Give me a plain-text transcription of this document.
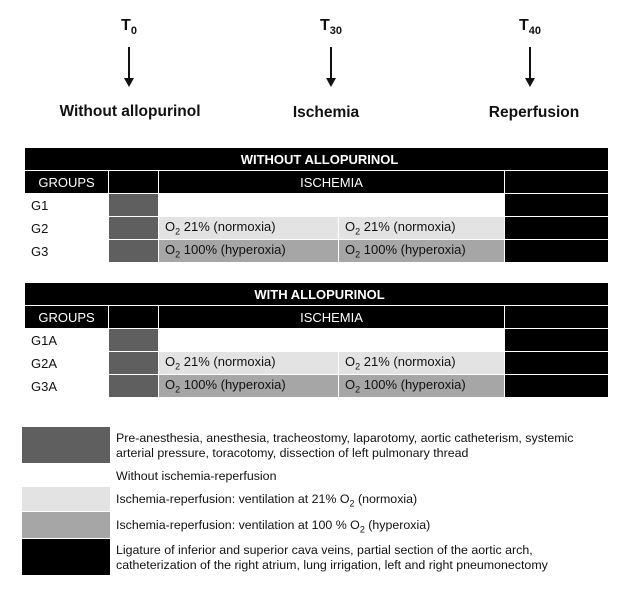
$T_0$	$T_{30}$	$T_{40}$
Without allopurinol	Ischemia	Reperfusion
WITHOUT ALLOPURINOL				
GROUPS		ISCHEMIA		
G1				
G2		$O_2$ 21% (normoxia)	$O_2$ 21% (normoxia)	
G3		$O_2$ 100% (hyperoxia)	$O_2$ 100% (hyperoxia)	
WITH ALLOPURINOL				
GROUPS		ISCHEMIA		
G1A				
G2A		$O_2$ 21% (normoxia)	$O_2$ 21% (normoxia)	
G3A		$O_2$ 100% (hyperoxia)	$O_2$ 100% (hyperoxia)	
Pre-anesthesia, anesthesia, tracheostomy, laparotomy, aortic catheterism, systemic arterial pressure, toracotomy, dissection of left pulmonary thread
Without ischemia-reperfusion
Ischemia-reperfusion: ventilation at 21% $O_2$ (normoxia)
Ischemia-reperfusion: ventilation at 100 % $O_2$ (hyperoxia)
Ligature of inferior and superior cava veins, partial section of the aortic arch, catheterization of the right atrium, lung irrigation, left and right pneumonectomy
